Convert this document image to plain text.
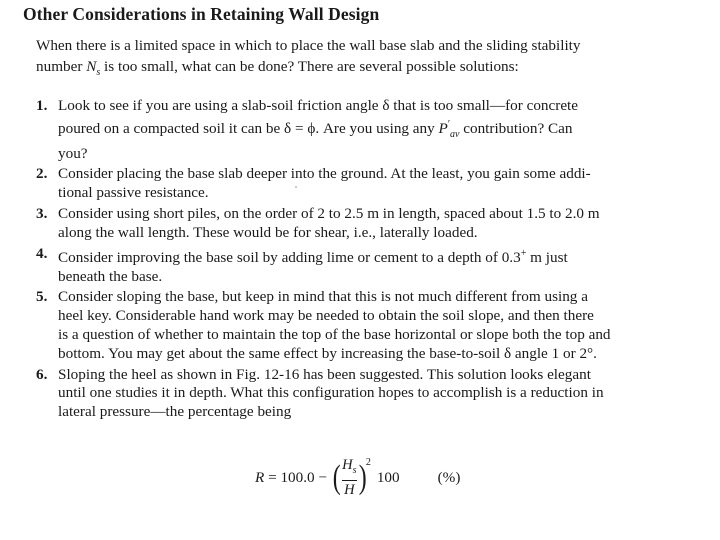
Other Considerations in Retaining Wall Design
When there is a limited space in which to place the wall base slab and the sliding stability
number $N_s$ is too small, what can be done? There are several possible solutions:
1. Look to see if you are using a slab-soil friction angle δ that is too small—for concrete
poured on a compacted soil it can be δ = ϕ. Are you using any $P'_{av}$ contribution? Can
you?
2. Consider placing the base slab deeper into the ground. At the least, you gain some addi-
tional passive resistance.
3. Consider using short piles, on the order of 2 to 2.5 m in length, spaced about 1.5 to 2.0 m
along the wall length. These would be for shear, i.e., laterally loaded.
4. Consider improving the base soil by adding lime or cement to a depth of 0.3+ m just
beneath the base.
5. Consider sloping the base, but keep in mind that this is not much different from using a
heel key. Considerable hand work may be needed to obtain the soil slope, and then there
is a question of whether to maintain the top of the base horizontal or slope both the top and
bottom. You may get about the same effect by increasing the base-to-soil δ angle 1 or 2°.
6. Sloping the heel as shown in Fig. 12-16 has been suggested. This solution looks elegant
until one studies it in depth. What this configuration hopes to accomplish is a reduction in
lateral pressure—the percentage being
R = 100.0 − ( $\frac{H_s}{H}$ ) 2
100	(%)
